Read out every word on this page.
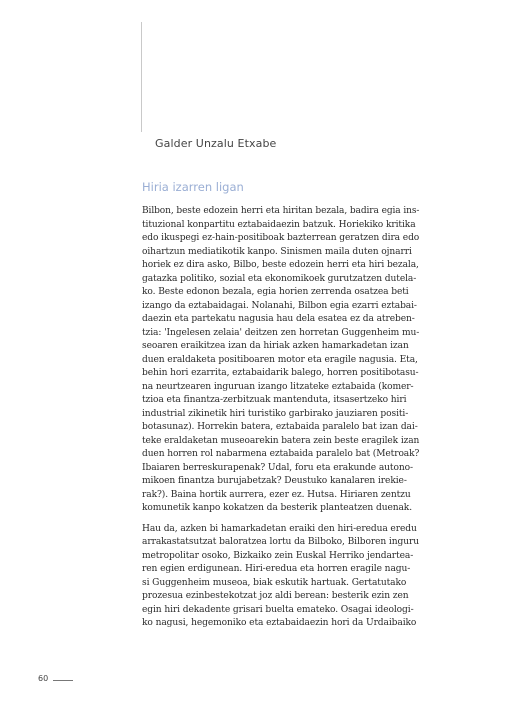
Galder Unzalu Etxabe
Hiria izarren ligan
Bilbon, beste edozein herri eta hiritan bezala, badira egia ins-
tituzional konpartitu eztabaidaezin batzuk. Horiekiko kritika
edo ikuspegi ez-hain-positiboak bazterrean geratzen dira edo
oihartzun mediatikotik kanpo. Sinismen maila duten ojnarri
horiek ez dira asko, Bilbo, beste edozein herri eta hiri bezala,
gatazka politiko, sozial eta ekonomikoek gurutzatzen dutela-
ko. Beste edonon bezala, egia horien zerrenda osatzea beti
izango da eztabaidagai. Nolanahi, Bilbon egia ezarri eztabai-
daezin eta partekatu nagusia hau dela esatea ez da atreben-
tzia: 'Ingelesen zelaia' deitzen zen horretan Guggenheim mu-
seoaren eraikitzea izan da hiriak azken hamarkadetan izan
duen eraldaketa positiboaren motor eta eragile nagusia. Eta,
behin hori ezarrita, eztabaidarik balego, horren positibotasu-
na neurtzearen inguruan izango litzateke eztabaida (komer-
tzioa eta finantza-zerbitzuak mantenduta, itsasertzeko hiri
industrial zikinetik hiri turistiko garbirako jauziaren positi-
botasunaz). Horrekin batera, eztabaida paralelo bat izan dai-
teke eraldaketan museoarekin batera zein beste eragilek izan
duen horren rol nabarmena eztabaida paralelo bat (Metroak?
Ibaiaren berreskurapenak? Udal, foru eta erakunde autono-
mikoen finantza burujabetzak? Deustuko kanalaren irekie-
rak?). Baina hortik aurrera, ezer ez. Hutsa. Hiriaren zentzu
komunetik kanpo kokatzen da besterik planteatzen duenak.
Hau da, azken bi hamarkadetan eraiki den hiri-eredua eredu
arrakastatsutzat baloratzea lortu da Bilboko, Bilboren inguru
metropolitar osoko, Bizkaiko zein Euskal Herriko jendartea-
ren egien erdigunean. Hiri-eredua eta horren eragile nagu-
si Guggenheim museoa, biak eskutik hartuak. Gertatutako
prozesua ezinbestekotzat joz aldi berean: besterik ezin zen
egin hiri dekadente grisari buelta emateko. Osagai ideologi-
ko nagusi, hegemoniko eta eztabaidaezin hori da Urdaibaiko
60
